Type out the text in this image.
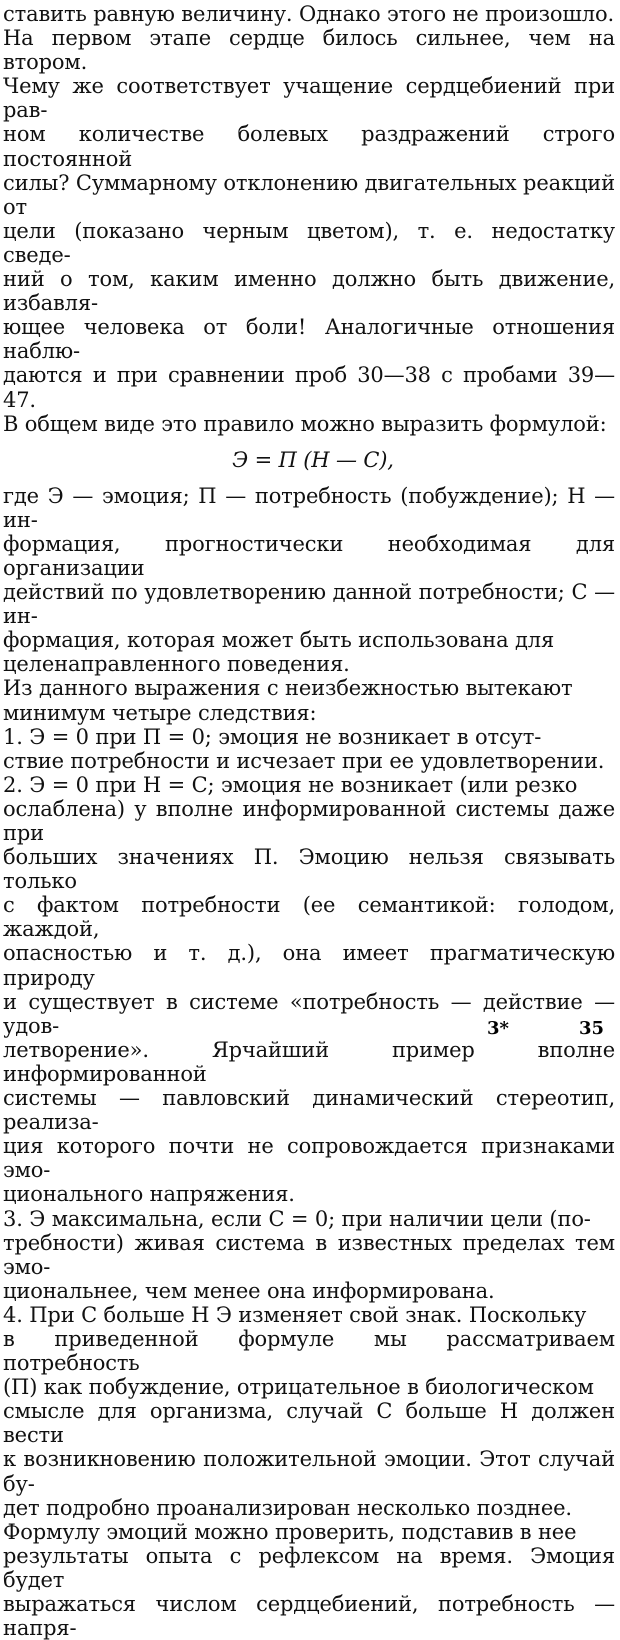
ставить равную величину. Однако этого не произошло.
На первом этапе сердце билось сильнее, чем на втором.
Чему же соответствует учащение сердцебиений при рав-
ном количестве болевых раздражений строго постоянной
силы? Суммарному отклонению двигательных реакций от
цели (показано черным цветом), т. е. недостатку сведе-
ний о том, каким именно должно быть движение, избавля-
ющее человека от боли! Аналогичные отношения наблю-
даются и при сравнении проб 30—38 с пробами 39—47.

В общем виде это правило можно выразить формулой:

Э = П (Н — С),

где Э — эмоция; П — потребность (побуждение); Н — ин-
формация, прогностически необходимая для организации
действий по удовлетворению данной потребности; С — ин-
формация, которая может быть использована для
целенаправленного поведения.

Из данного выражения с неизбежностью вытекают
минимум четыре следствия:

1. Э = 0 при П = 0; эмоция не возникает в отсут-
ствие потребности и исчезает при ее удовлетворении.

2. Э = 0 при Н = С; эмоция не возникает (или резко
ослаблена) у вполне информированной системы даже при
больших значениях П. Эмоцию нельзя связывать только
с фактом потребности (ее семантикой: голодом, жаждой,
опасностью и т. д.), она имеет прагматическую природу
и существует в системе «потребность — действие — удов-
летворение». Ярчайший пример вполне информированной
системы — павловский динамический стереотип, реализа-
ция которого почти не сопровождается признаками эмо-
ционального напряжения.

3. Э максимальна, если С = 0; при наличии цели (по-
требности) живая система в известных пределах тем эмо-
циональнее, чем менее она информирована.

4. При С больше Н Э изменяет свой знак. Поскольку
в приведенной формуле мы рассматриваем потребность
(П) как побуждение, отрицательное в биологическом
смысле для организма, случай С больше Н должен вести
к возникновению положительной эмоции. Этот случай бу-
дет подробно проанализирован несколько позднее.

Формулу эмоций можно проверить, подставив в нее
результаты опыта с рефлексом на время. Эмоция будет
выражаться числом сердцебиений, потребность — напря-

3*	35
